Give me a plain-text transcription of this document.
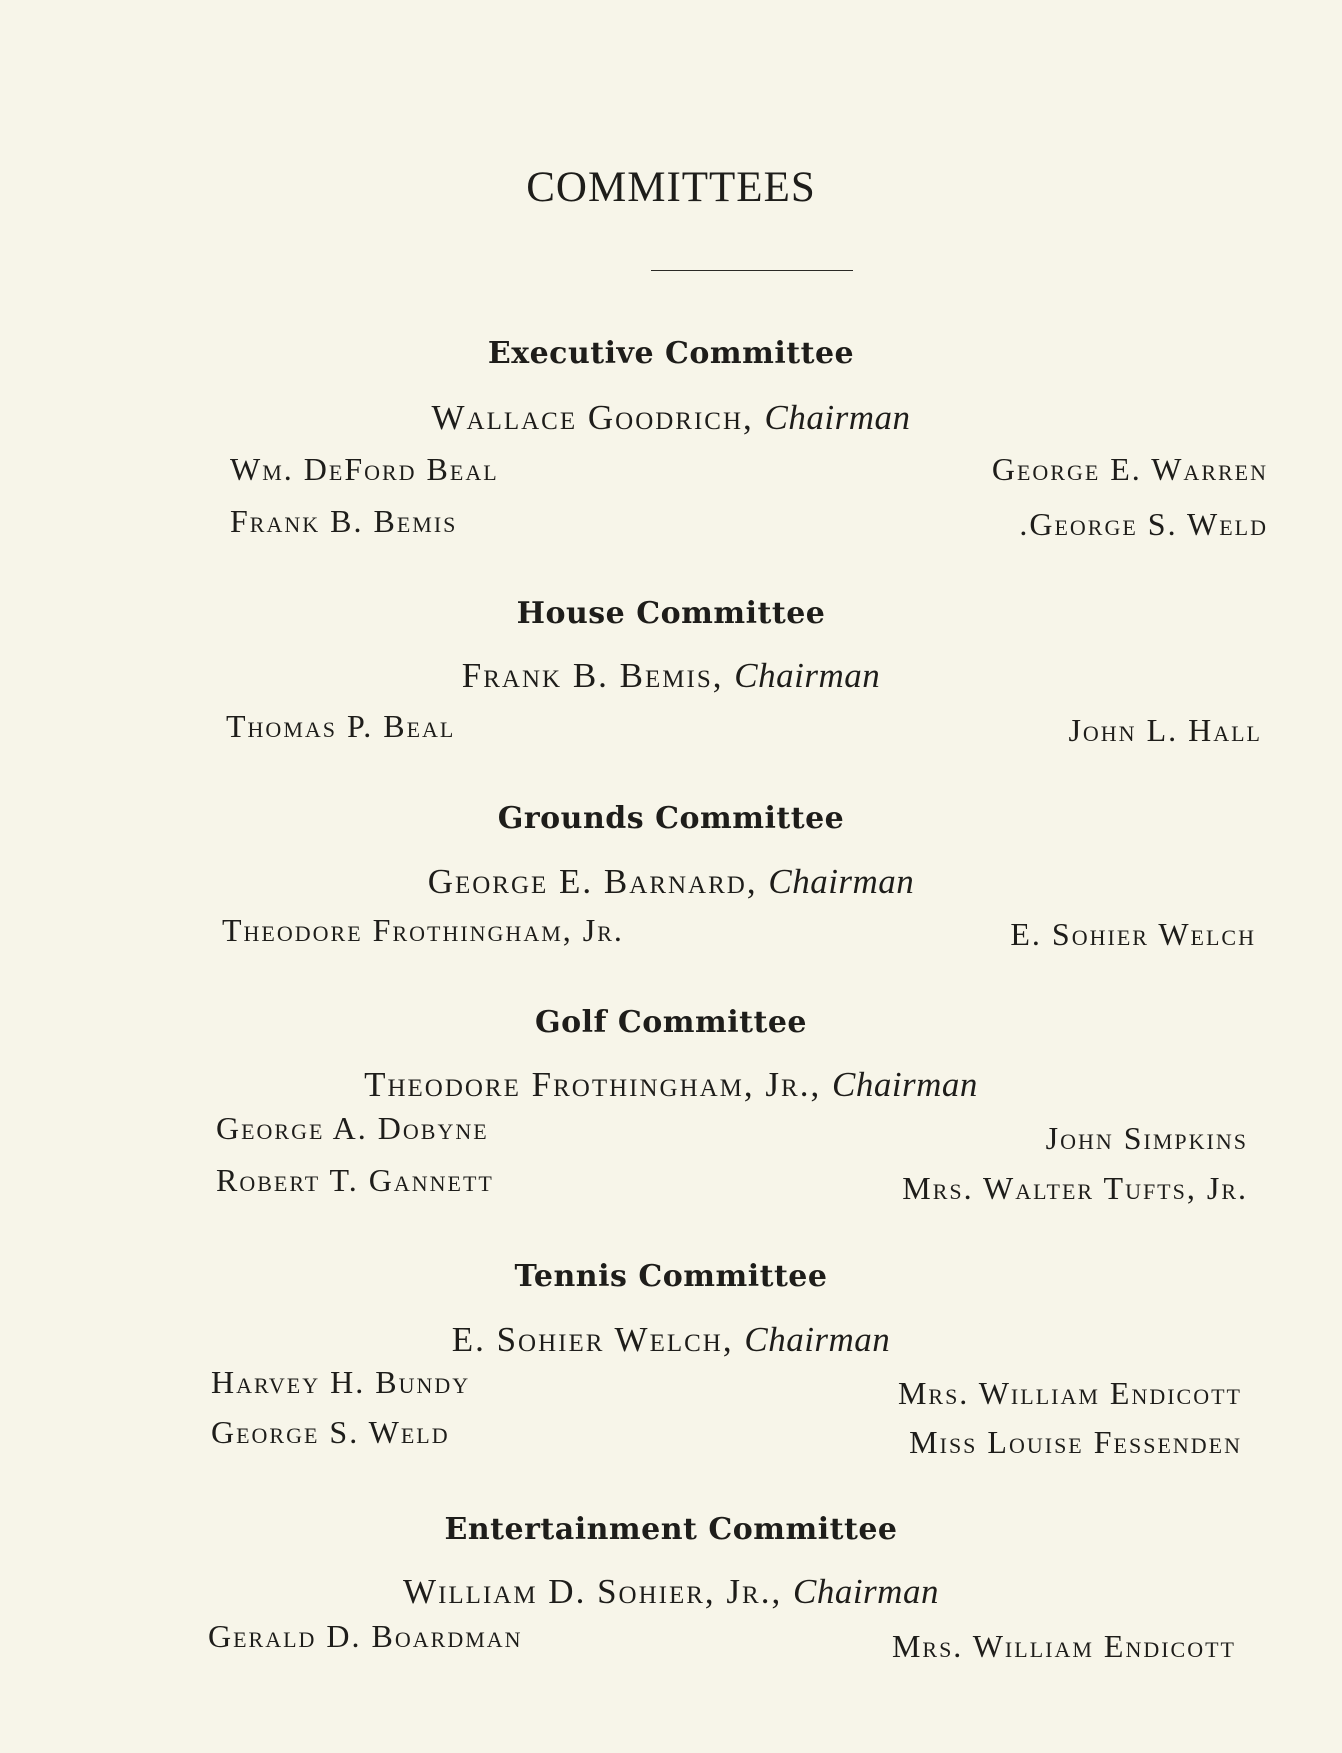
COMMITTEES
Executive Committee
Wallace Goodrich, Chairman
Wm. DeFord Beal	George E. Warren
Frank B. Bemis	.George S. Weld
House Committee
Frank B. Bemis, Chairman
Thomas P. Beal	John L. Hall
Grounds Committee
George E. Barnard, Chairman
Theodore Frothingham, Jr.	E. Sohier Welch
Golf Committee
Theodore Frothingham, Jr., Chairman
George A. Dobyne	John Simpkins
Robert T. Gannett	Mrs. Walter Tufts, Jr.
Tennis Committee
E. Sohier Welch, Chairman
Harvey H. Bundy	Mrs. William Endicott
George S. Weld	Miss Louise Fessenden
Entertainment Committee
William D. Sohier, Jr., Chairman
Gerald D. Boardman	Mrs. William Endicott
